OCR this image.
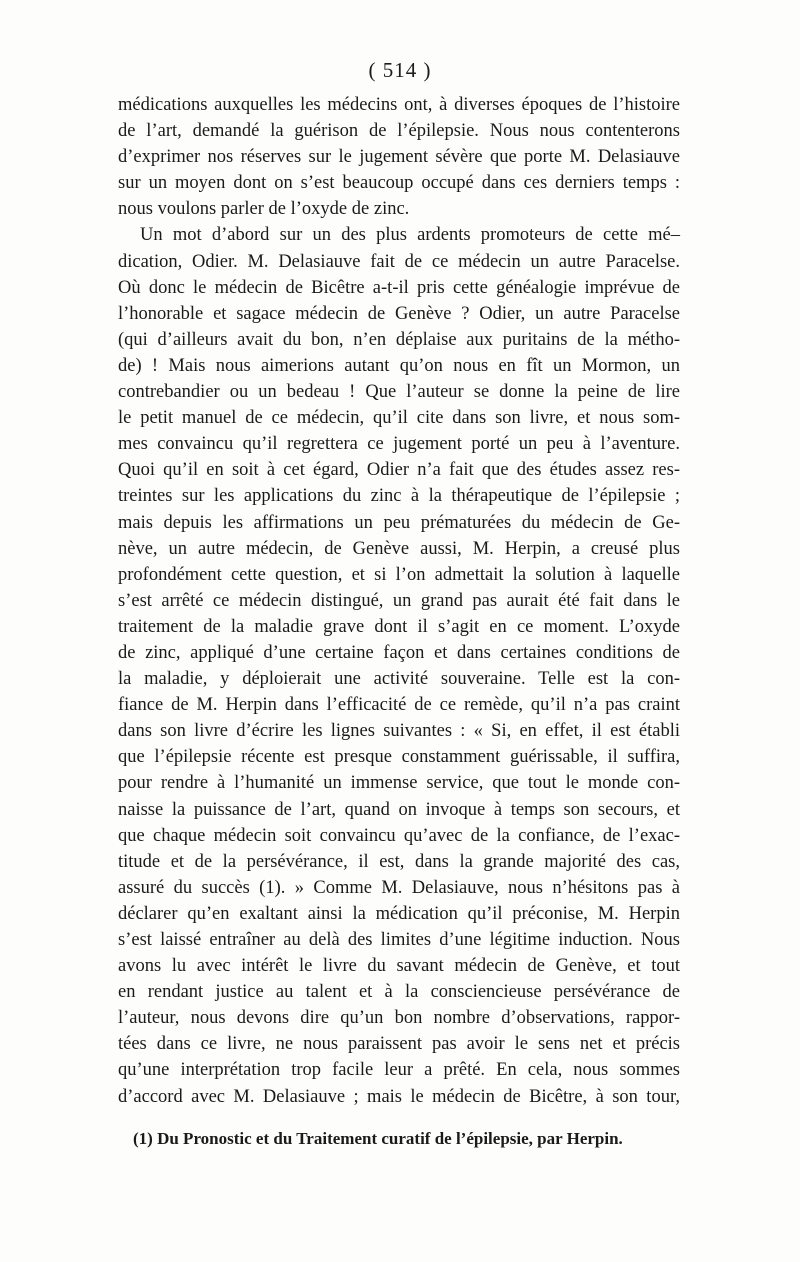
( 514 )
médications auxquelles les médecins ont, à diverses époques de l’histoire
de l’art, demandé la guérison de l’épilepsie. Nous nous contenterons
d’exprimer nos réserves sur le jugement sévère que porte M. Delasiauve
sur un moyen dont on s’est beaucoup occupé dans ces derniers temps :
nous voulons parler de l’oxyde de zinc.
Un mot d’abord sur un des plus ardents promoteurs de cette mé–
dication, Odier. M. Delasiauve fait de ce médecin un autre Paracelse.
Où donc le médecin de Bicêtre a-t-il pris cette généalogie imprévue de
l’honorable et sagace médecin de Genève ? Odier, un autre Paracelse
(qui d’ailleurs avait du bon, n’en déplaise aux puritains de la métho-
de) ! Mais nous aimerions autant qu’on nous en fît un Mormon, un
contrebandier ou un bedeau ! Que l’auteur se donne la peine de lire
le petit manuel de ce médecin, qu’il cite dans son livre, et nous som-
mes convaincu qu’il regrettera ce jugement porté un peu à l’aventure.
Quoi qu’il en soit à cet égard, Odier n’a fait que des études assez res-
treintes sur les applications du zinc à la thérapeutique de l’épilepsie ;
mais depuis les affirmations un peu prématurées du médecin de Ge-
nève, un autre médecin, de Genève aussi, M. Herpin, a creusé plus
profondément cette question, et si l’on admettait la solution à laquelle
s’est arrêté ce médecin distingué, un grand pas aurait été fait dans le
traitement de la maladie grave dont il s’agit en ce moment. L’oxyde
de zinc, appliqué d’une certaine façon et dans certaines conditions de
la maladie, y déploierait une activité souveraine. Telle est la con-
fiance de M. Herpin dans l’efficacité de ce remède, qu’il n’a pas craint
dans son livre d’écrire les lignes suivantes : « Si, en effet, il est établi
que l’épilepsie récente est presque constamment guérissable, il suffira,
pour rendre à l’humanité un immense service, que tout le monde con-
naisse la puissance de l’art, quand on invoque à temps son secours, et
que chaque médecin soit convaincu qu’avec de la confiance, de l’exac-
titude et de la persévérance, il est, dans la grande majorité des cas,
assuré du succès (1). » Comme M. Delasiauve, nous n’hésitons pas à
déclarer qu’en exaltant ainsi la médication qu’il préconise, M. Herpin
s’est laissé entraîner au delà des limites d’une légitime induction. Nous
avons lu avec intérêt le livre du savant médecin de Genève, et tout
en rendant justice au talent et à la consciencieuse persévérance de
l’auteur, nous devons dire qu’un bon nombre d’observations, rappor-
tées dans ce livre, ne nous paraissent pas avoir le sens net et précis
qu’une interprétation trop facile leur a prêté. En cela, nous sommes
d’accord avec M. Delasiauve ; mais le médecin de Bicêtre, à son tour,
(1) Du Pronostic et du Traitement curatif de l’épilepsie, par Herpin.
